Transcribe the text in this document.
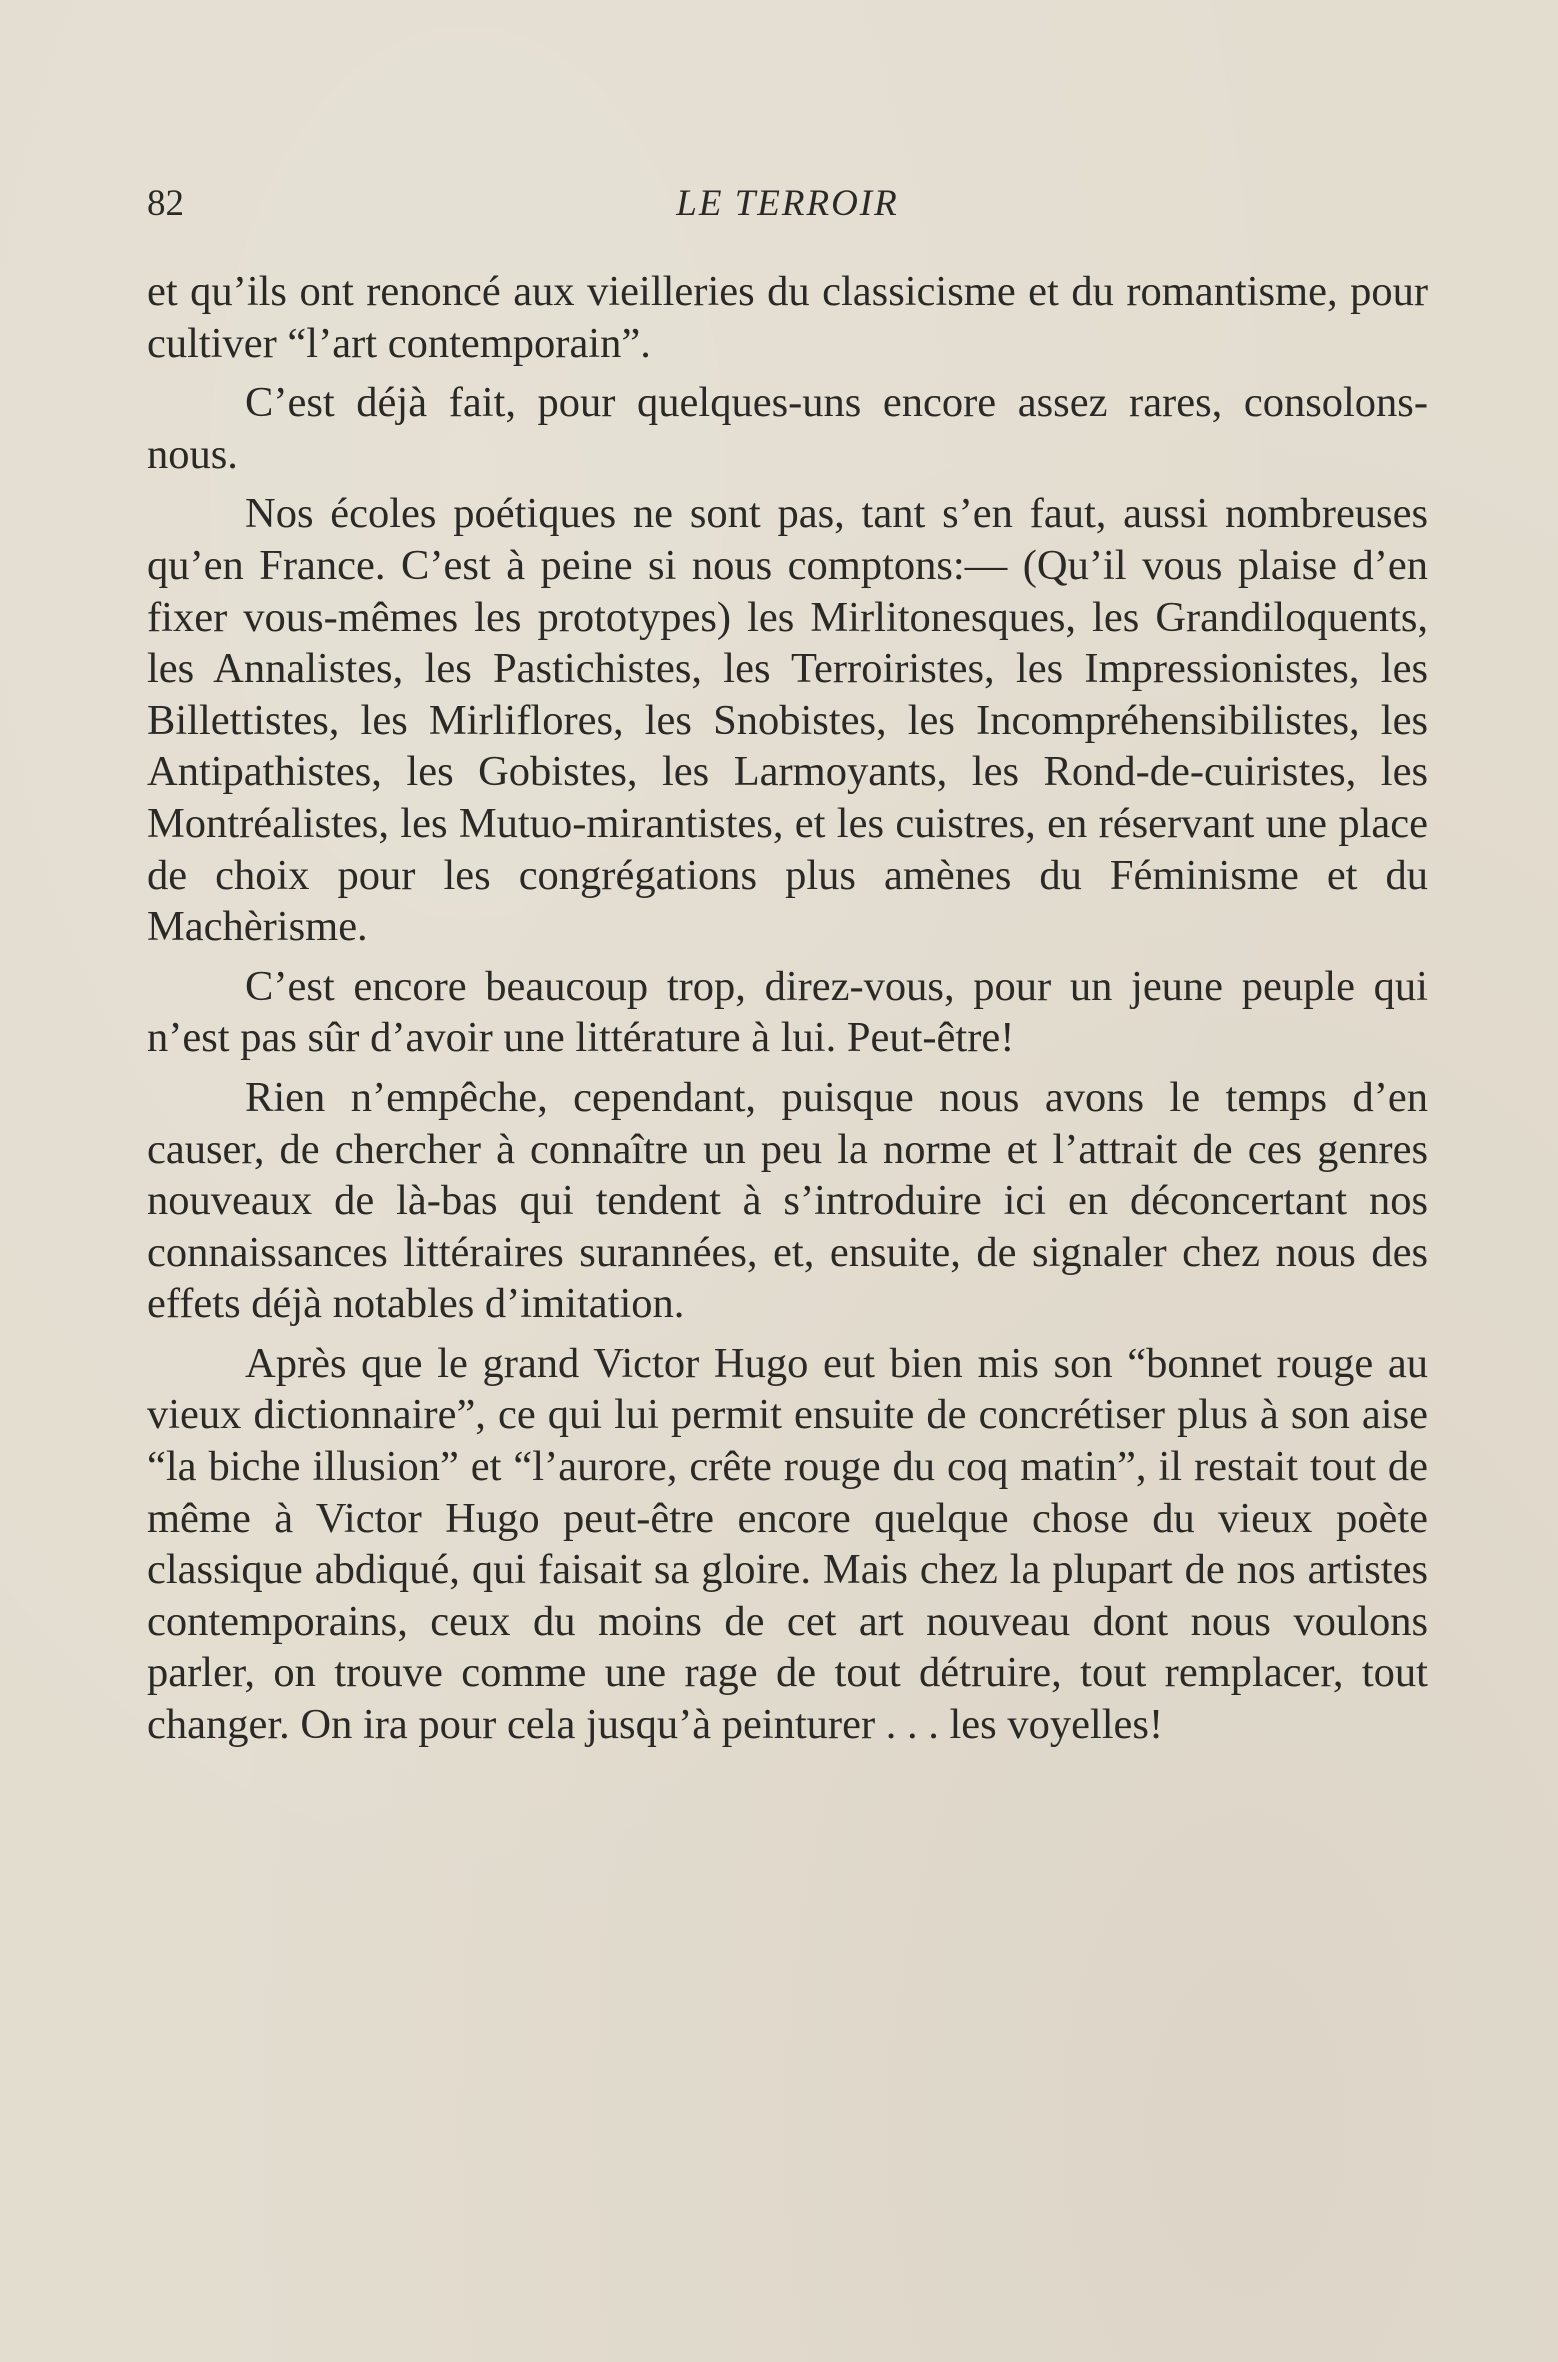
82	LE TERROIR

et qu’ils ont renoncé aux vieilleries du classicisme et du romantisme, pour cultiver “l’art contemporain”.

C’est déjà fait, pour quelques-uns encore assez rares, consolons-nous.

Nos écoles poétiques ne sont pas, tant s’en faut, aussi nombreuses qu’en France. C’est à peine si nous comptons:— (Qu’il vous plaise d’en fixer vous-mêmes les prototypes) les Mirlitonesques, les Grandiloquents, les Annalistes, les Pastichistes, les Terroiristes, les Impressionistes, les Billettistes, les Mirliflores, les Snobistes, les Incompréhensibilistes, les Antipathistes, les Gobistes, les Larmoyants, les Rond-de-cuiristes, les Montréalistes, les Mutuo-mirantistes, et les cuistres, en réservant une place de choix pour les congrégations plus amènes du Féminisme et du Machèrisme.

C’est encore beaucoup trop, direz-vous, pour un jeune peuple qui n’est pas sûr d’avoir une littérature à lui. Peut-être!

Rien n’empêche, cependant, puisque nous avons le temps d’en causer, de chercher à connaître un peu la norme et l’attrait de ces genres nouveaux de là-bas qui tendent à s’introduire ici en déconcertant nos connaissances littéraires surannées, et, ensuite, de signaler chez nous des effets déjà notables d’imitation.

Après que le grand Victor Hugo eut bien mis son “bonnet rouge au vieux dictionnaire”, ce qui lui permit ensuite de concrétiser plus à son aise “la biche illusion” et “l’aurore, crête rouge du coq matin”, il restait tout de même à Victor Hugo peut-être encore quelque chose du vieux poète classique abdiqué, qui faisait sa gloire. Mais chez la plupart de nos artistes contemporains, ceux du moins de cet art nouveau dont nous voulons parler, on trouve comme une rage de tout détruire, tout remplacer, tout changer. On ira pour cela jusqu’à peinturer . . . les voyelles!
